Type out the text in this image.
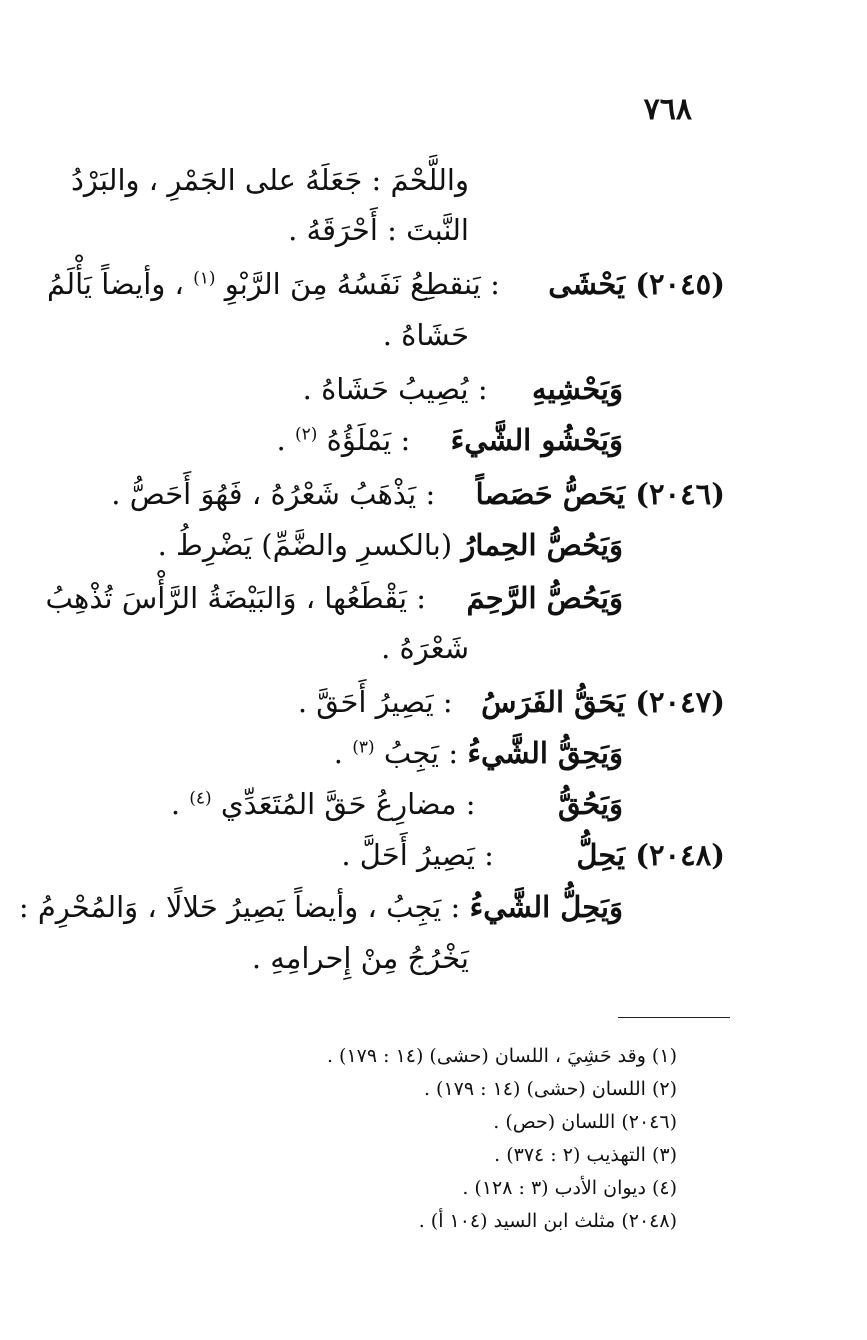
٧٦٨
واللَّحْمَ : جَعَلَهُ على الجَمْرِ ، والبَرْدُ
النَّبتَ : أَحْرَقَهُ .
(٢٠٤٥) يَحْشَى  : يَنقطِعُ نَفَسُهُ مِنَ الرَّبْوِ $^{(١)}$ ، وأيضاً يَأْلَمُ
حَشَاهُ .
وَيَحْشِيهِ  : يُصِيبُ حَشَاهُ .
وَيَحْشُو الشَّيءَ  : يَمْلَؤُهُ $^{(٢)}$ .
(٢٠٤٦) يَحَصُّ حَصَصاً  : يَذْهَبُ شَعْرُهُ ، فَهُوَ أَحَصُّ .
وَيَحُصُّ الحِمارُ (بالكسرِ والضَّمِّ) يَضْرِطُ .
وَيَحُصُّ الرَّحِمَ  : يَقْطَعُها ، وَالبَيْضَةُ الرَّأْسَ تُذْهِبُ
شَعْرَهُ .
(٢٠٤٧) يَحَقُّ الفَرَسُ  : يَصِيرُ أَحَقَّ .
وَيَحِقُّ الشَّيءُ : يَجِبُ $^{(٣)}$ .
وَيَحُقُّ  : مضارِعُ حَقَّ المُتَعَدِّي $^{(٤)}$ .
(٢٠٤٨) يَحِلُّ  : يَصِيرُ أَحَلَّ .
وَيَحِلُّ الشَّيءُ : يَجِبُ ، وأيضاً يَصِيرُ حَلالًا ، وَالمُحْرِمُ :
يَخْرُجُ مِنْ إِحرامِهِ .
(١) وقد حَشِيَ ، اللسان (حشى) (١٤ : ١٧٩) .
(٢) اللسان (حشى) (١٤ : ١٧٩) .
(٢٠٤٦) اللسان (حص) .
(٣) التهذيب (٢ : ٣٧٤) .
(٤) ديوان الأدب (٣ : ١٢٨) .
(٢٠٤٨) مثلث ابن السيد (١٠٤ أ) .
